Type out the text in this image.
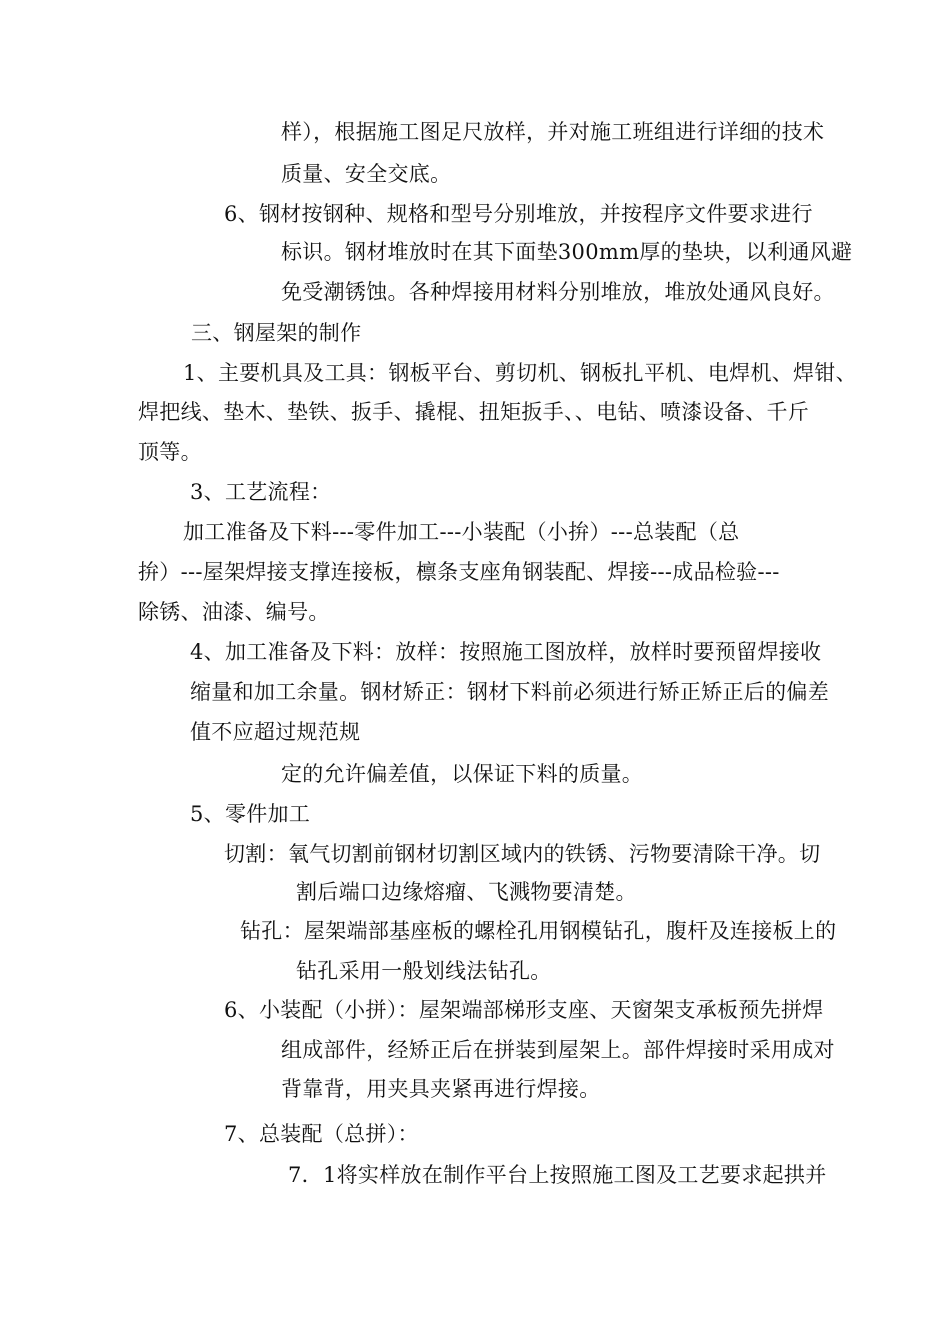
样），根据施工图足尺放样，并对施工班组进行详细的技术

质量、安全交底。

6、钢材按钢种、规格和型号分别堆放，并按程序文件要求进行

标识。钢材堆放时在其下面垫300mm厚的垫块，以利通风避

免受潮锈蚀。各种焊接用材料分别堆放，堆放处通风良好。

三、钢屋架的制作

1、主要机具及工具：钢板平台、剪切机、钢板扎平机、电焊机、焊钳、

焊把线、垫木、垫铁、扳手、撬棍、扭矩扳手、、电钻、喷漆设备、千斤

顶等。

3、工艺流程：

加工准备及下料---零件加工---小装配（小拚）---总装配（总

拚）---屋架焊接支撑连接板，檩条支座角钢装配、焊接---成品检验---

除锈、油漆、编号。

4、加工准备及下料：放样：按照施工图放样，放样时要预留焊接收

缩量和加工余量。钢材矫正：钢材下料前必须进行矫正矫正后的偏差

值不应超过规范规

定的允许偏差值，以保证下料的质量。

5、零件加工

切割：氧气切割前钢材切割区域内的铁锈、污物要清除干净。切

割后端口边缘熔瘤、飞溅物要清楚。

钻孔：屋架端部基座板的螺栓孔用钢模钻孔，腹杆及连接板上的

钻孔采用一般划线法钻孔。

6、小装配（小拼）：屋架端部梯形支座、天窗架支承板预先拼焊

组成部件，经矫正后在拼装到屋架上。部件焊接时采用成对

背靠背，用夹具夹紧再进行焊接。

7、总装配（总拼）：

7．1将实样放在制作平台上按照施工图及工艺要求起拱并
